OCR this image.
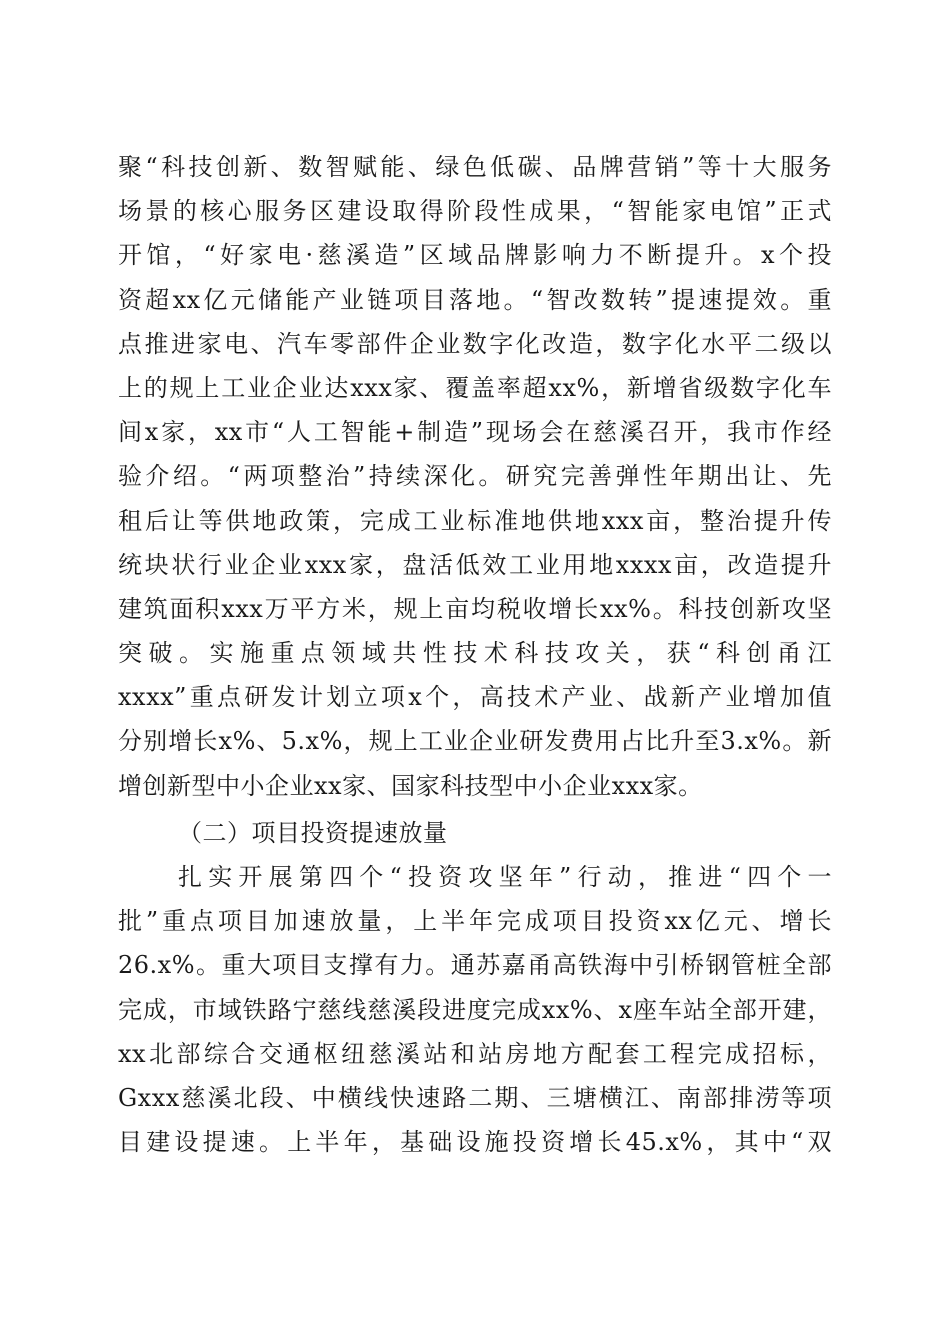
聚“科技创新、数智赋能、绿色低碳、品牌营销”等十大服务
场景的核心服务区建设取得阶段性成果，“智能家电馆”正式
开馆，“好家电·慈溪造”区域品牌影响力不断提升。x个投
资超xx亿元储能产业链项目落地。“智改数转”提速提效。重
点推进家电、汽车零部件企业数字化改造，数字化水平二级以
上的规上工业企业达xxx家、覆盖率超xx%，新增省级数字化车
间x家，xx市“人工智能+制造”现场会在慈溪召开，我市作经
验介绍。“两项整治”持续深化。研究完善弹性年期出让、先
租后让等供地政策，完成工业标准地供地xxx亩，整治提升传
统块状行业企业xxx家，盘活低效工业用地xxxx亩，改造提升
建筑面积xxx万平方米，规上亩均税收增长xx%。科技创新攻坚
突破。实施重点领域共性技术科技攻关，获“科创甬江
xxxx”重点研发计划立项x个，高技术产业、战新产业增加值
分别增长x%、5.x%，规上工业企业研发费用占比升至3.x%。新
增创新型中小企业xx家、国家科技型中小企业xxx家。
（二）项目投资提速放量
扎实开展第四个“投资攻坚年”行动，推进“四个一
批”重点项目加速放量，上半年完成项目投资xx亿元、增长
26.x%。重大项目支撑有力。通苏嘉甬高铁海中引桥钢管桩全部
完成，市域铁路宁慈线慈溪段进度完成xx%、x座车站全部开建，
xx北部综合交通枢纽慈溪站和站房地方配套工程完成招标，
Gxxx慈溪北段、中横线快速路二期、三塘横江、南部排涝等项
目建设提速。上半年，基础设施投资增长45.x%，其中“双
